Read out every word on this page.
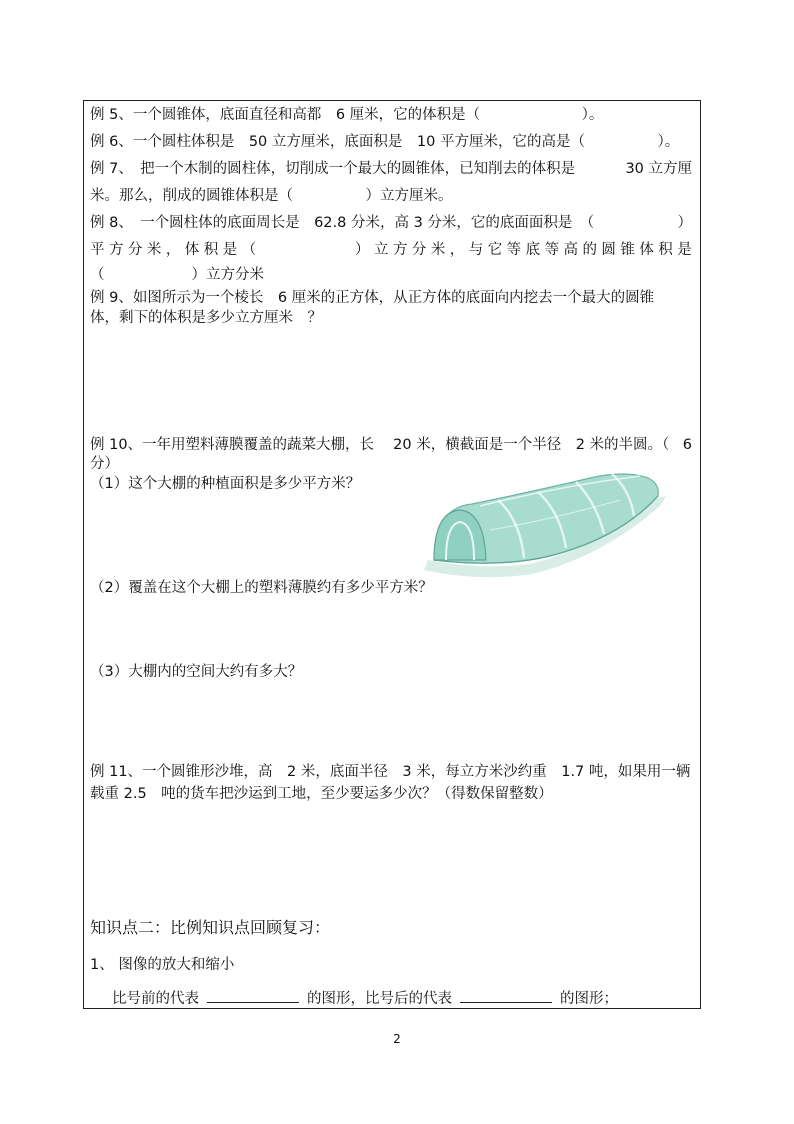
例 5、一个圆锥体，底面直径和高都　6 厘米，它的体积是（　　　　　　　）。
例 6、一个圆柱体积是　50 立方厘米，底面积是　10 平方厘米，它的高是（　　　　　）。
例 7、　把一个木制的圆柱体，切削成一个最大的圆锥体，已知削去的体积是	30 立方厘
米。那么，削成的圆锥体积是（　　　　　）立方厘米。
例 8、　一个圆柱体的底面周长是　62.8 分米，高 3 分米，它的底面面积是　（	）
平 方 分 米 ， 体 积 是 （	） 立 方 分 米 ， 与 它 等 底 等 高 的 圆 锥 体 积 是
（　　　　　　）立方分米
例 9、如图所示为一个棱长　6 厘米的正方体，从正方体的底面向内挖去一个最大的圆锥
体，剩下的体积是多少立方厘米　？
例 10、一年用塑料薄膜覆盖的蔬菜大棚，长　 20 米，横截面是一个半径　2 米的半圆。（ 6
分）
（1）这个大棚的种植面积是多少平方米？
（2）覆盖在这个大棚上的塑料薄膜约有多少平方米？
（3）大棚内的空间大约有多大？
例 11、一个圆锥形沙堆，高　2 米，底面半径　3 米，每立方米沙约重　1.7 吨，如果用一辆
载重 2.5　吨的货车把沙运到工地，至少要运多少次？（得数保留整数）
知识点二：比例知识点回顾复习：
1、 图像的放大和缩小
比号前的代表	的图形，比号后的代表	的图形；
2
